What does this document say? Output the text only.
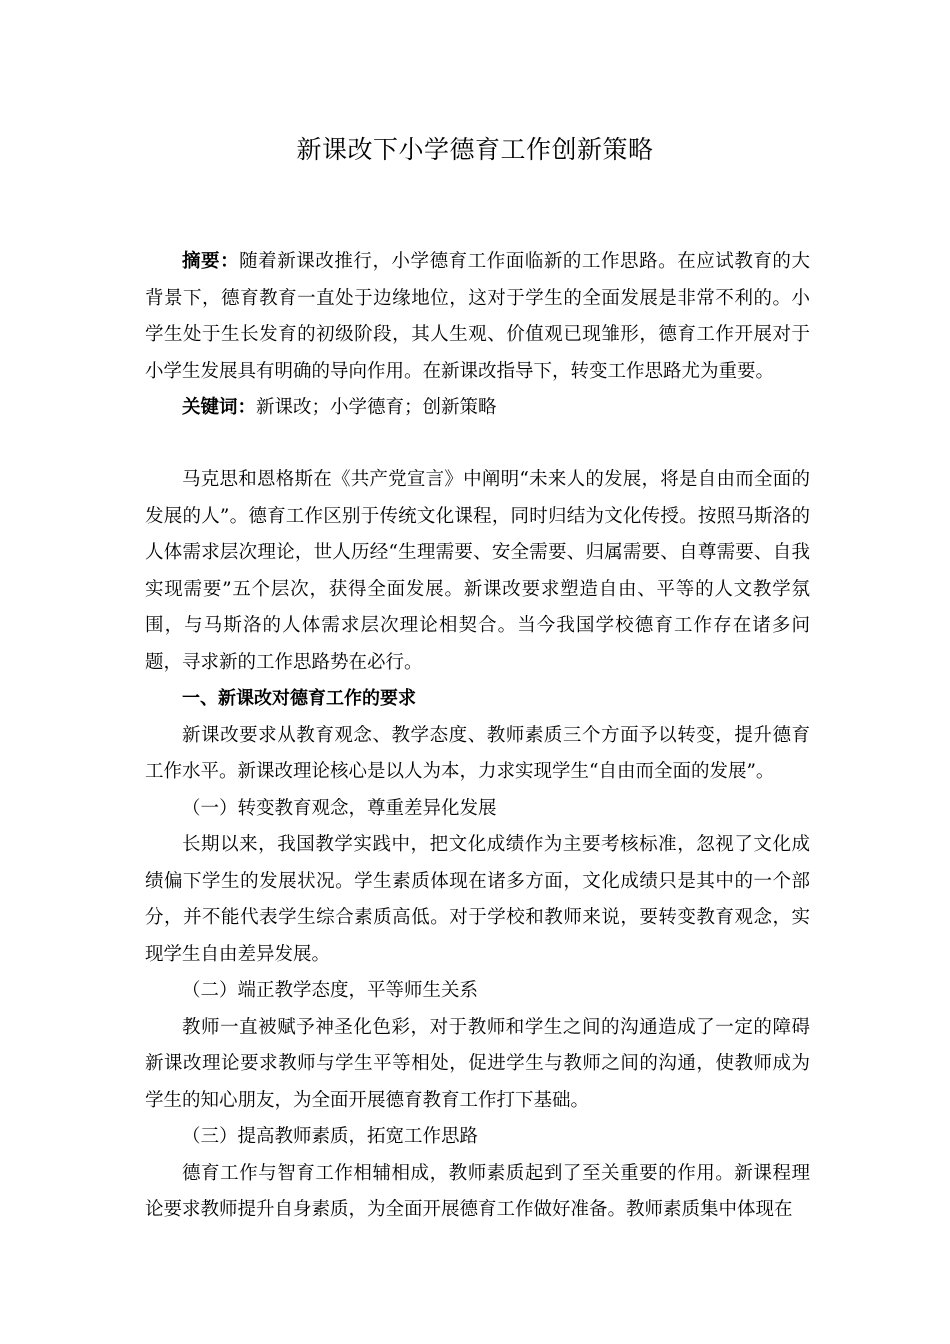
新课改下小学德育工作创新策略

摘要：随着新课改推行，小学德育工作面临新的工作思路。在应试教育的大背景下，德育教育一直处于边缘地位，这对于学生的全面发展是非常不利的。小学生处于生长发育的初级阶段，其人生观、价值观已现雏形，德育工作开展对于小学生发展具有明确的导向作用。在新课改指导下，转变工作思路尤为重要。

关键词：新课改；小学德育；创新策略

马克思和恩格斯在《共产党宣言》中阐明“未来人的发展，将是自由而全面的发展的人”。德育工作区别于传统文化课程，同时归结为文化传授。按照马斯洛的人体需求层次理论，世人历经“生理需要、安全需要、归属需要、自尊需要、自我实现需要”五个层次，获得全面发展。新课改要求塑造自由、平等的人文教学氛围，与马斯洛的人体需求层次理论相契合。当今我国学校德育工作存在诸多问题，寻求新的工作思路势在必行。

一、新课改对德育工作的要求

新课改要求从教育观念、教学态度、教师素质三个方面予以转变，提升德育工作水平。新课改理论核心是以人为本，力求实现学生“自由而全面的发展”。

（一）转变教育观念，尊重差异化发展

长期以来，我国教学实践中，把文化成绩作为主要考核标准，忽视了文化成绩偏下学生的发展状况。学生素质体现在诸多方面，文化成绩只是其中的一个部分，并不能代表学生综合素质高低。对于学校和教师来说，要转变教育观念，实现学生自由差异发展。

（二）端正教学态度，平等师生关系

教师一直被赋予神圣化色彩，对于教师和学生之间的沟通造成了一定的障碍新课改理论要求教师与学生平等相处，促进学生与教师之间的沟通，使教师成为学生的知心朋友，为全面开展德育教育工作打下基础。

（三）提高教师素质，拓宽工作思路

德育工作与智育工作相辅相成，教师素质起到了至关重要的作用。新课程理论要求教师提升自身素质，为全面开展德育工作做好准备。教师素质集中体现在
